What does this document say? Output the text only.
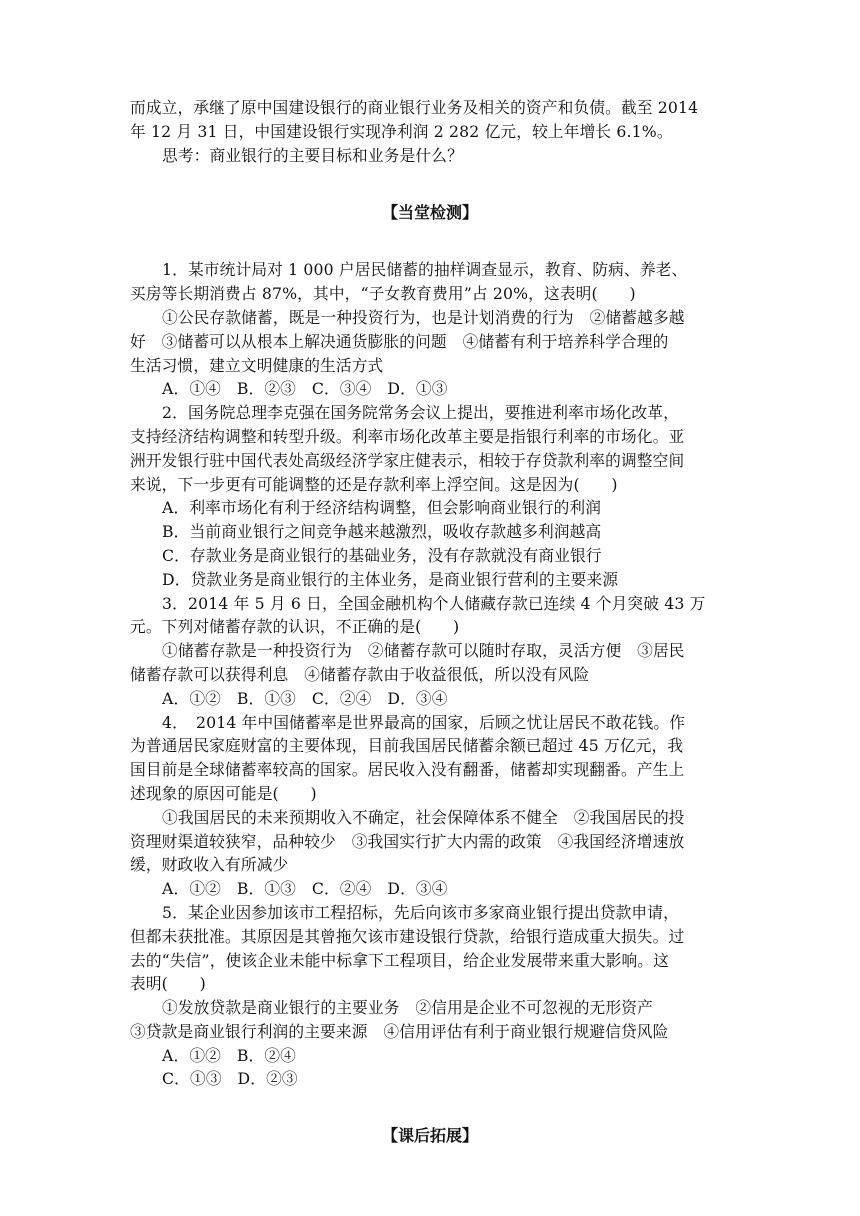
而成立，承继了原中国建设银行的商业银行业务及相关的资产和负债。截至 2014
年 12 月 31 日，中国建设银行实现净利润 2 282 亿元，较上年增长 6.1%。
思考：商业银行的主要目标和业务是什么？
【当堂检测】
1．某市统计局对 1 000 户居民储蓄的抽样调查显示，教育、防病、养老、
买房等长期消费占 87%，其中，“子女教育费用”占 20%，这表明(　　)
①公民存款储蓄，既是一种投资行为，也是计划消费的行为　②储蓄越多越
好　③储蓄可以从根本上解决通货膨胀的问题　④储蓄有利于培养科学合理的
生活习惯，建立文明健康的生活方式
A．①④　B．②③　C．③④　D．①③
2．国务院总理李克强在国务院常务会议上提出，要推进利率市场化改革，
支持经济结构调整和转型升级。利率市场化改革主要是指银行利率的市场化。亚
洲开发银行驻中国代表处高级经济学家庄健表示，相较于存贷款利率的调整空间
来说，下一步更有可能调整的还是存款利率上浮空间。这是因为(　　)
A．利率市场化有利于经济结构调整，但会影响商业银行的利润
B．当前商业银行之间竞争越来越激烈，吸收存款越多利润越高
C．存款业务是商业银行的基础业务，没有存款就没有商业银行
D．贷款业务是商业银行的主体业务，是商业银行营利的主要来源
3．2014 年 5 月 6 日，全国金融机构个人储藏存款已连续 4 个月突破 43 万
元。下列对储蓄存款的认识，不正确的是(　　)
①储蓄存款是一种投资行为　②储蓄存款可以随时存取，灵活方便　③居民
储蓄存款可以获得利息　④储蓄存款由于收益很低，所以没有风险
A．①②　B．①③　C．②④　D．③④
4．　2014 年中国储蓄率是世界最高的国家，后顾之忧让居民不敢花钱。作
为普通居民家庭财富的主要体现，目前我国居民储蓄余额已超过 45 万亿元，我
国目前是全球储蓄率较高的国家。居民收入没有翻番，储蓄却实现翻番。产生上
述现象的原因可能是(　　)
①我国居民的未来预期收入不确定，社会保障体系不健全　②我国居民的投
资理财渠道较狭窄，品种较少　③我国实行扩大内需的政策　④我国经济增速放
缓，财政收入有所减少
A．①②　B．①③　C．②④　D．③④
5．某企业因参加该市工程招标，先后向该市多家商业银行提出贷款申请，
但都未获批准。其原因是其曾拖欠该市建设银行贷款，给银行造成重大损失。过
去的“失信”，使该企业未能中标拿下工程项目，给企业发展带来重大影响。这
表明(　　)
①发放贷款是商业银行的主要业务　②信用是企业不可忽视的无形资产
③贷款是商业银行利润的主要来源　④信用评估有利于商业银行规避信贷风险
A．①②　B．②④
C．①③　D．②③
【课后拓展】
